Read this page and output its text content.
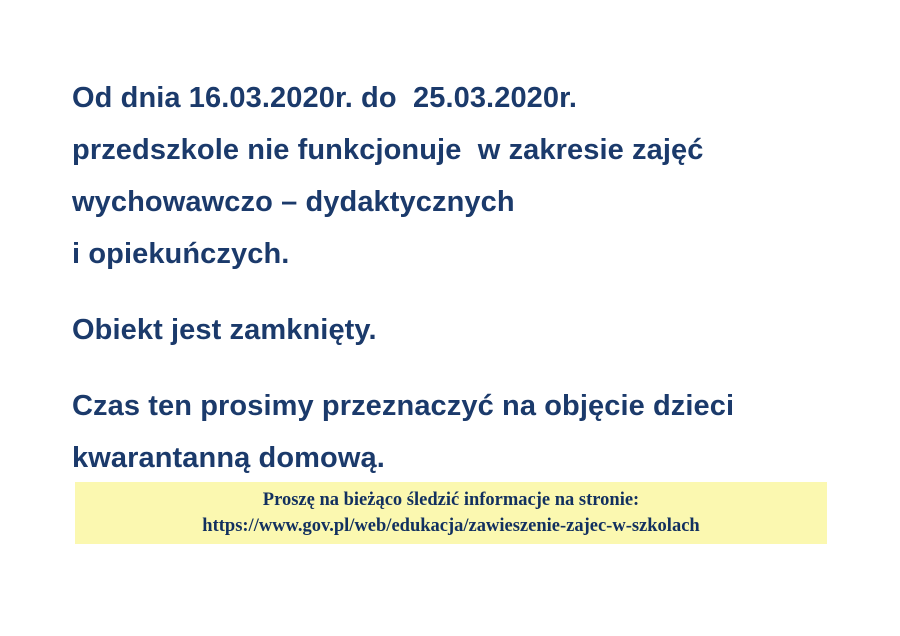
Od dnia 16.03.2020r. do  25.03.2020r.
przedszkole nie funkcjonuje  w zakresie zajęć
wychowawczo – dydaktycznych
i opiekuńczych.

Obiekt jest zamknięty.

Czas ten prosimy przeznaczyć na objęcie dzieci
kwarantanną domową.

Proszę na bieżąco śledzić informacje na stronie:
https://www.gov.pl/web/edukacja/zawieszenie-zajec-w-szkolach
